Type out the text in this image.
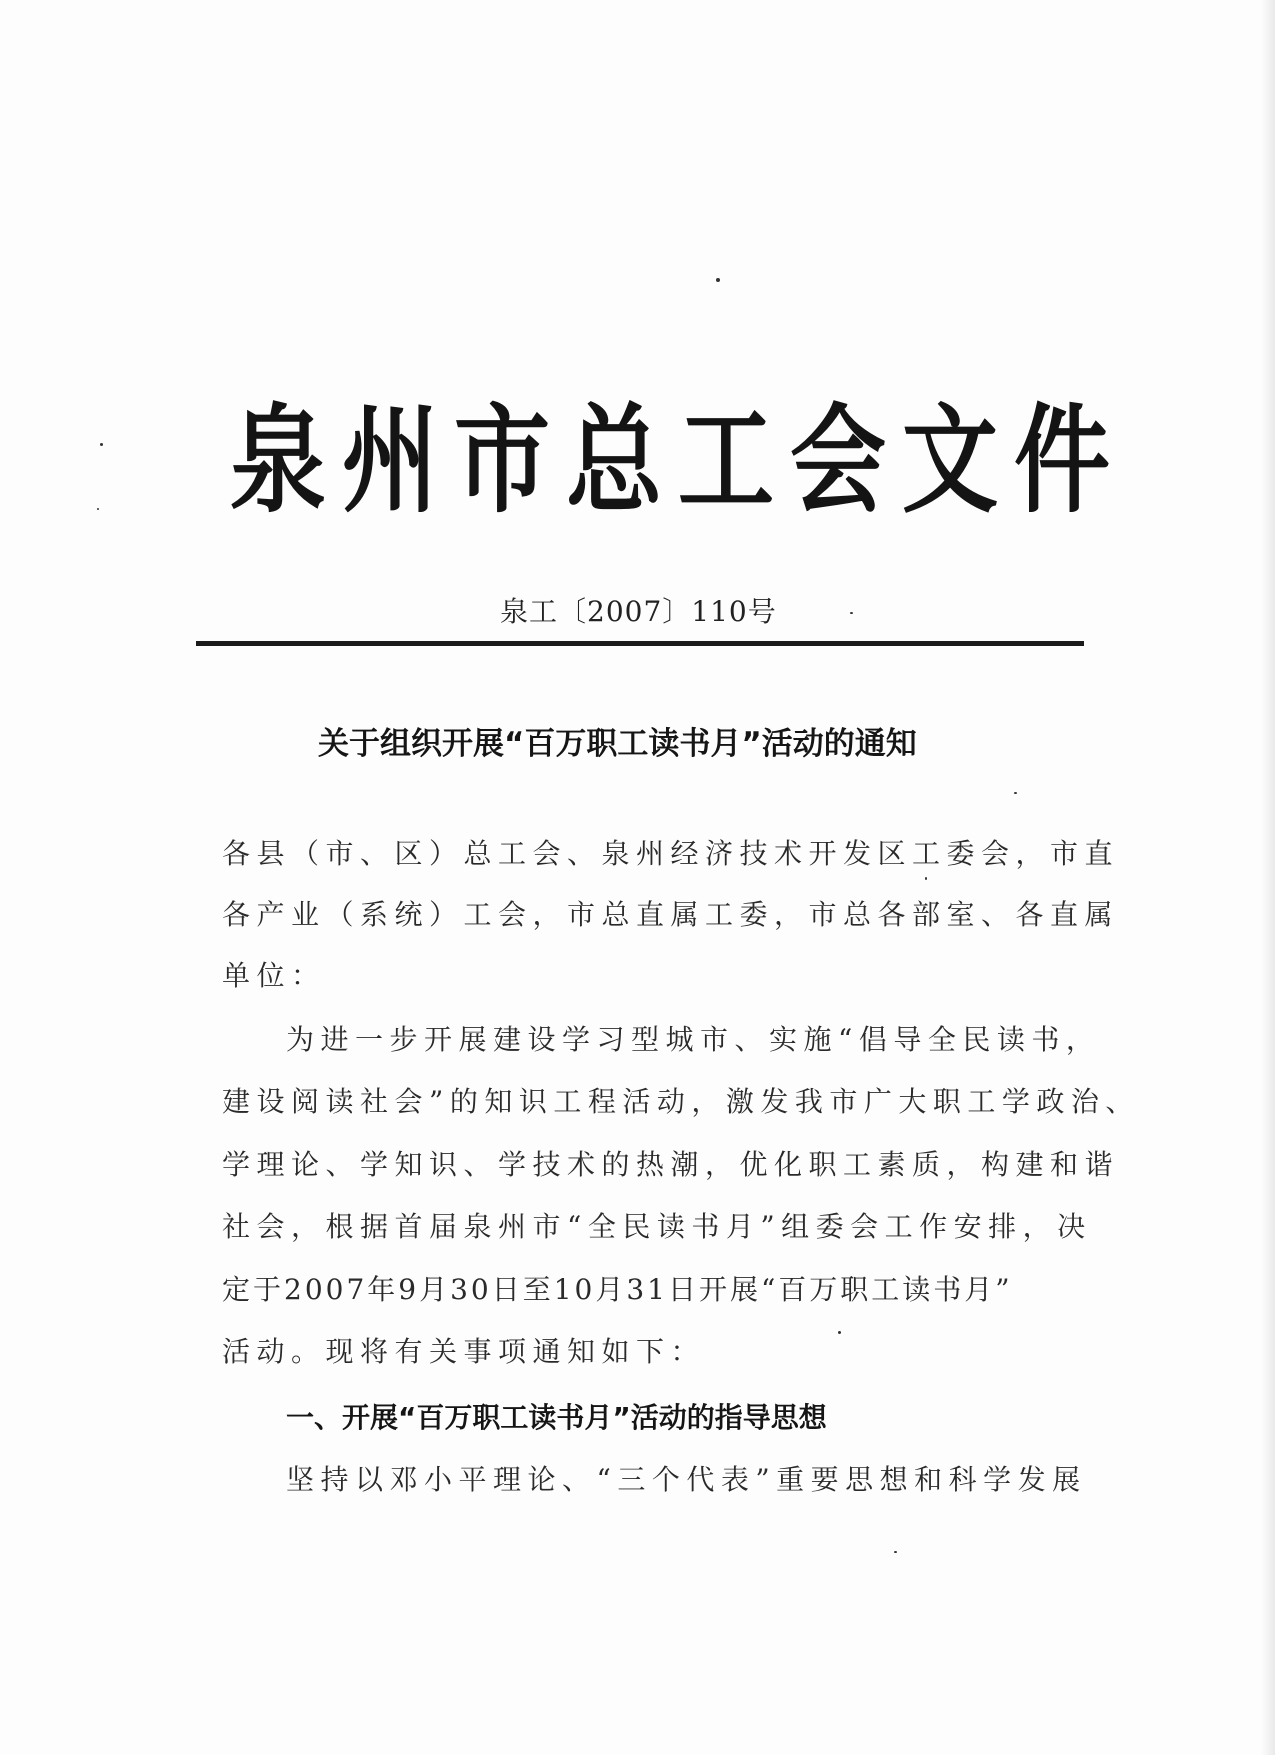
泉州市总工会文件
泉工〔2007〕110号
关于组织开展“百万职工读书月”活动的通知
各县（市、区）总工会、泉州经济技术开发区工委会，市直
各产业（系统）工会，市总直属工委，市总各部室、各直属
单位：
为进一步开展建设学习型城市、实施“倡导全民读书，
建设阅读社会”的知识工程活动，激发我市广大职工学政治、
学理论、学知识、学技术的热潮，优化职工素质，构建和谐
社会，根据首届泉州市“全民读书月”组委会工作安排，决
定于2007年9月30日至10月31日开展“百万职工读书月”
活动。现将有关事项通知如下：
一、开展“百万职工读书月”活动的指导思想
坚持以邓小平理论、“三个代表”重要思想和科学发展
